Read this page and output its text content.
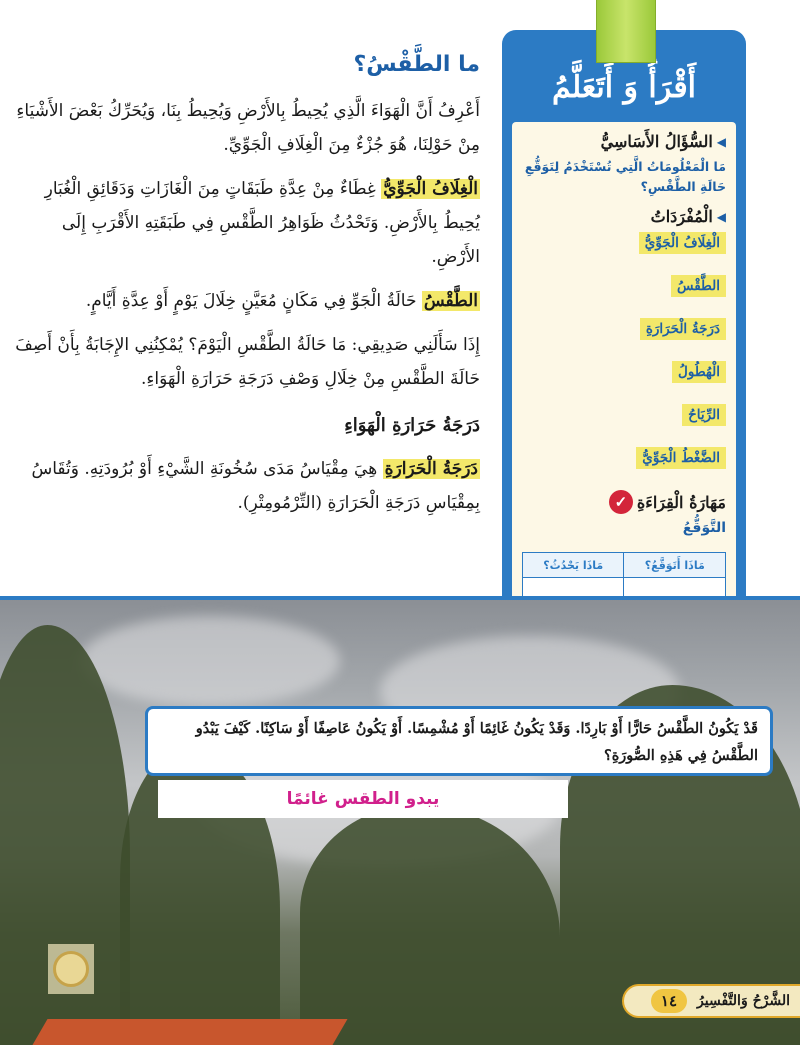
ما الطَّقْسُ؟

أَعْرِفُ أَنَّ الْهَوَاءَ الَّذِي يُحِيطُ بِالأَرْضِ وَيُحِيطُ بِنَا، وَيُحَرِّكُ بَعْضَ الأَشْيَاءِ مِنْ حَوْلِنَا، هُوَ جُزْءٌ مِنَ الْغِلَافِ الْجَوِّيِّ.

الْغِلَافُ الْجَوِّيُّ غِطَاءٌ مِنْ عِدَّةِ طَبَقَاتٍ مِنَ الْغَازَاتِ وَدَقَائِقِ الْغُبَارِ يُحِيطُ بِالأَرْضِ. وَتَحْدُثُ ظَوَاهِرُ الطَّقْسِ فِي طَبَقَتِهِ الأَقْرَبِ إِلَى الأَرْضِ.

الطَّقْسُ حَالَةُ الْجَوِّ فِي مَكَانٍ مُعَيَّنٍ خِلَالَ يَوْمٍ أَوْ عِدَّةِ أَيَّامٍ.

إِذَا سَأَلَنِي صَدِيقِي: مَا حَالَةُ الطَّقْسِ الْيَوْمَ؟ يُمْكِنُنِي الإِجَابَةُ بِأَنْ أَصِفَ حَالَةَ الطَّقْسِ مِنْ خِلَالِ وَصْفِ دَرَجَةِ حَرَارَةِ الْهَوَاءِ.

دَرَجَةُ حَرَارَةِ الْهَوَاءِ

دَرَجَةُ الْحَرَارَةِ هِيَ مِقْيَاسُ مَدَى سُخُونَةِ الشَّيْءِ أَوْ بُرُودَتِهِ. وَتُقَاسُ بِمِقْيَاسِ دَرَجَةِ الْحَرَارَةِ (التِّرْمُومِتْرِ).

أَقْرَأُ وَ أَتَعَلَّمُ
◀
السُّؤَالُ الأَسَاسِيُّ
مَا الْمَعْلُومَاتُ الَّتِي تُسْتَخْدَمُ لِتَوَقُّعِ حَالَةِ الطَّقْسِ؟
◀
الْمُفْرَدَاتُ
الْغِلَافُ الْجَوِّيُّ
الطَّقْسُ
دَرَجَةُ الْحَرَارَةِ
الْهُطُولُ
الرِّيَاحُ
الضَّغْطُ الْجَوِّيُّ
مَهَارَةُ الْقِرَاءَةِ
✓
التَّوَقُّعُ
مَاذَا أَتَوَقَّعُ؟	مَاذَا يَحْدُثُ؟

قَدْ يَكُونُ الطَّقْسُ حَارًّا أَوْ بَارِدًا. وَقَدْ يَكُونُ غَائِمًا أَوْ مُشْمِسًا. أَوْ يَكُونُ عَاصِفًا أَوْ سَاكِنًا. كَيْفَ يَبْدُو الطَّقْسُ فِي هَذِهِ الصُّورَةِ؟
يبدو الطقس غائمًا
الشَّرْحُ وَالتَّفْسِيرُ
١٤
